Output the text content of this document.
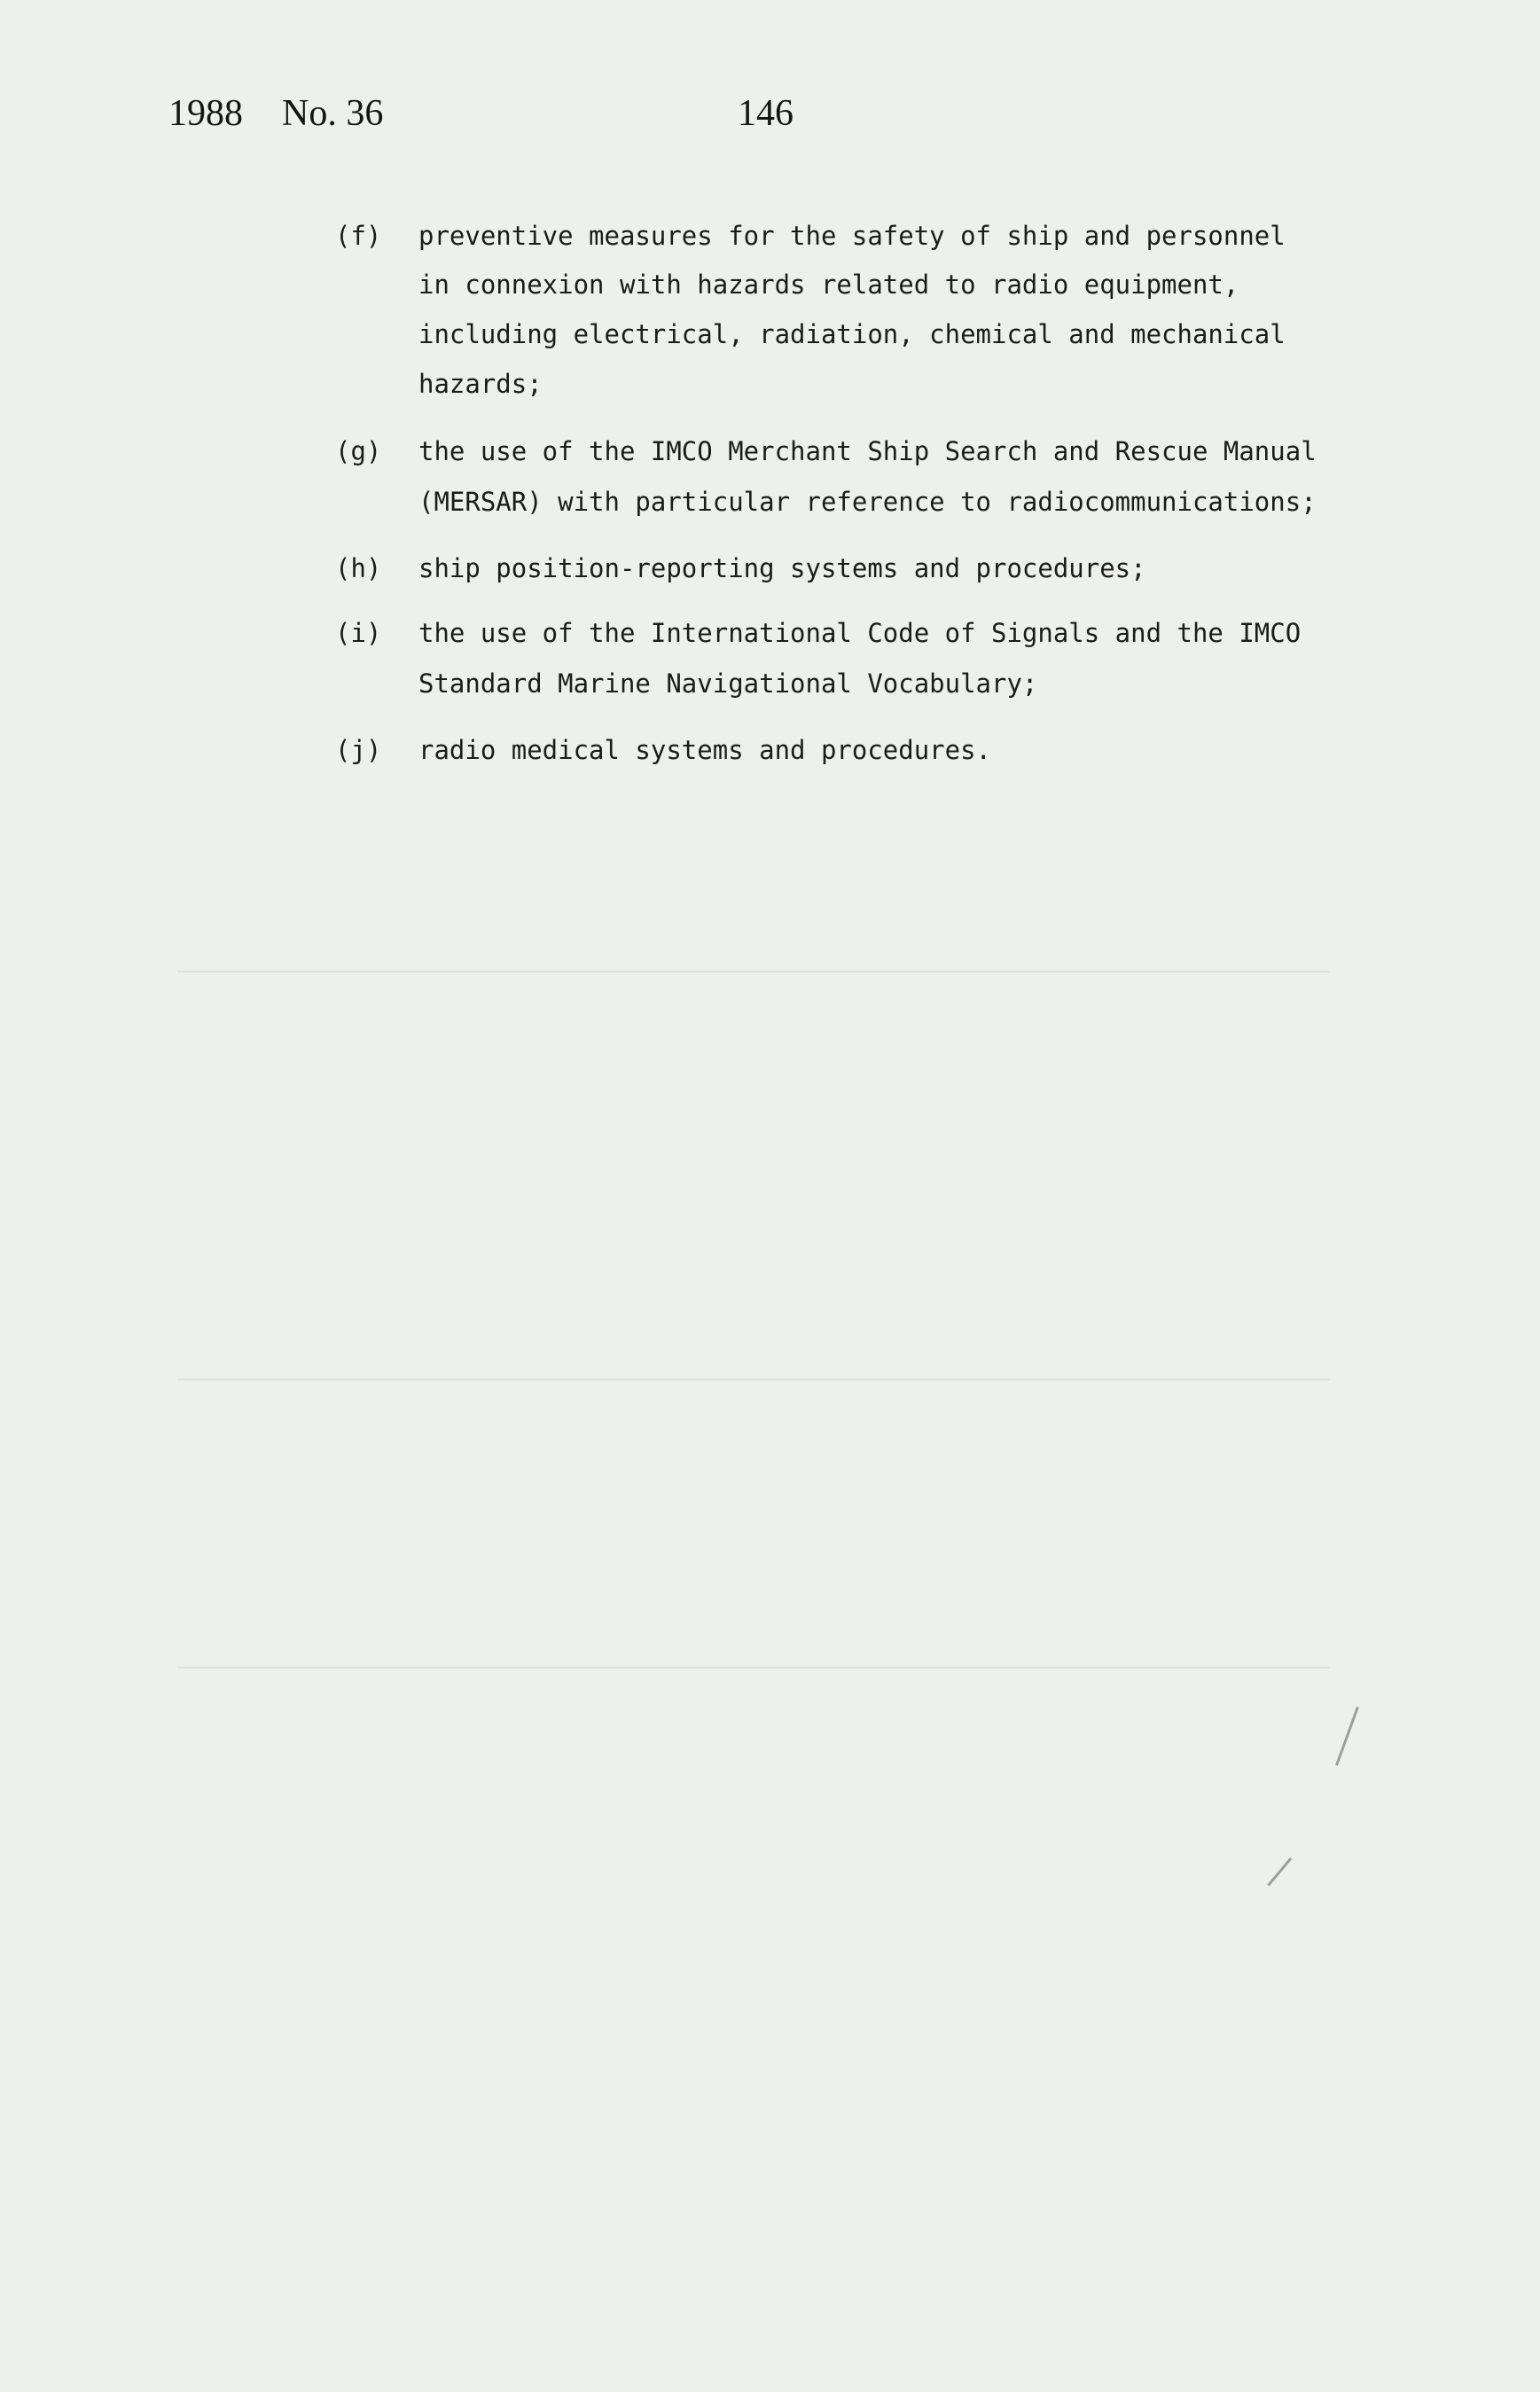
1988 No. 36	146
(f) preventive measures for the safety of ship and personnel
in connexion with hazards related to radio equipment,
including electrical, radiation, chemical and mechanical
hazards;
(g) the use of the IMCO Merchant Ship Search and Rescue Manual
(MERSAR) with particular reference to radiocommunications;
(h) ship position-reporting systems and procedures;
(i) the use of the International Code of Signals and the IMCO
Standard Marine Navigational Vocabulary;
(j) radio medical systems and procedures.
